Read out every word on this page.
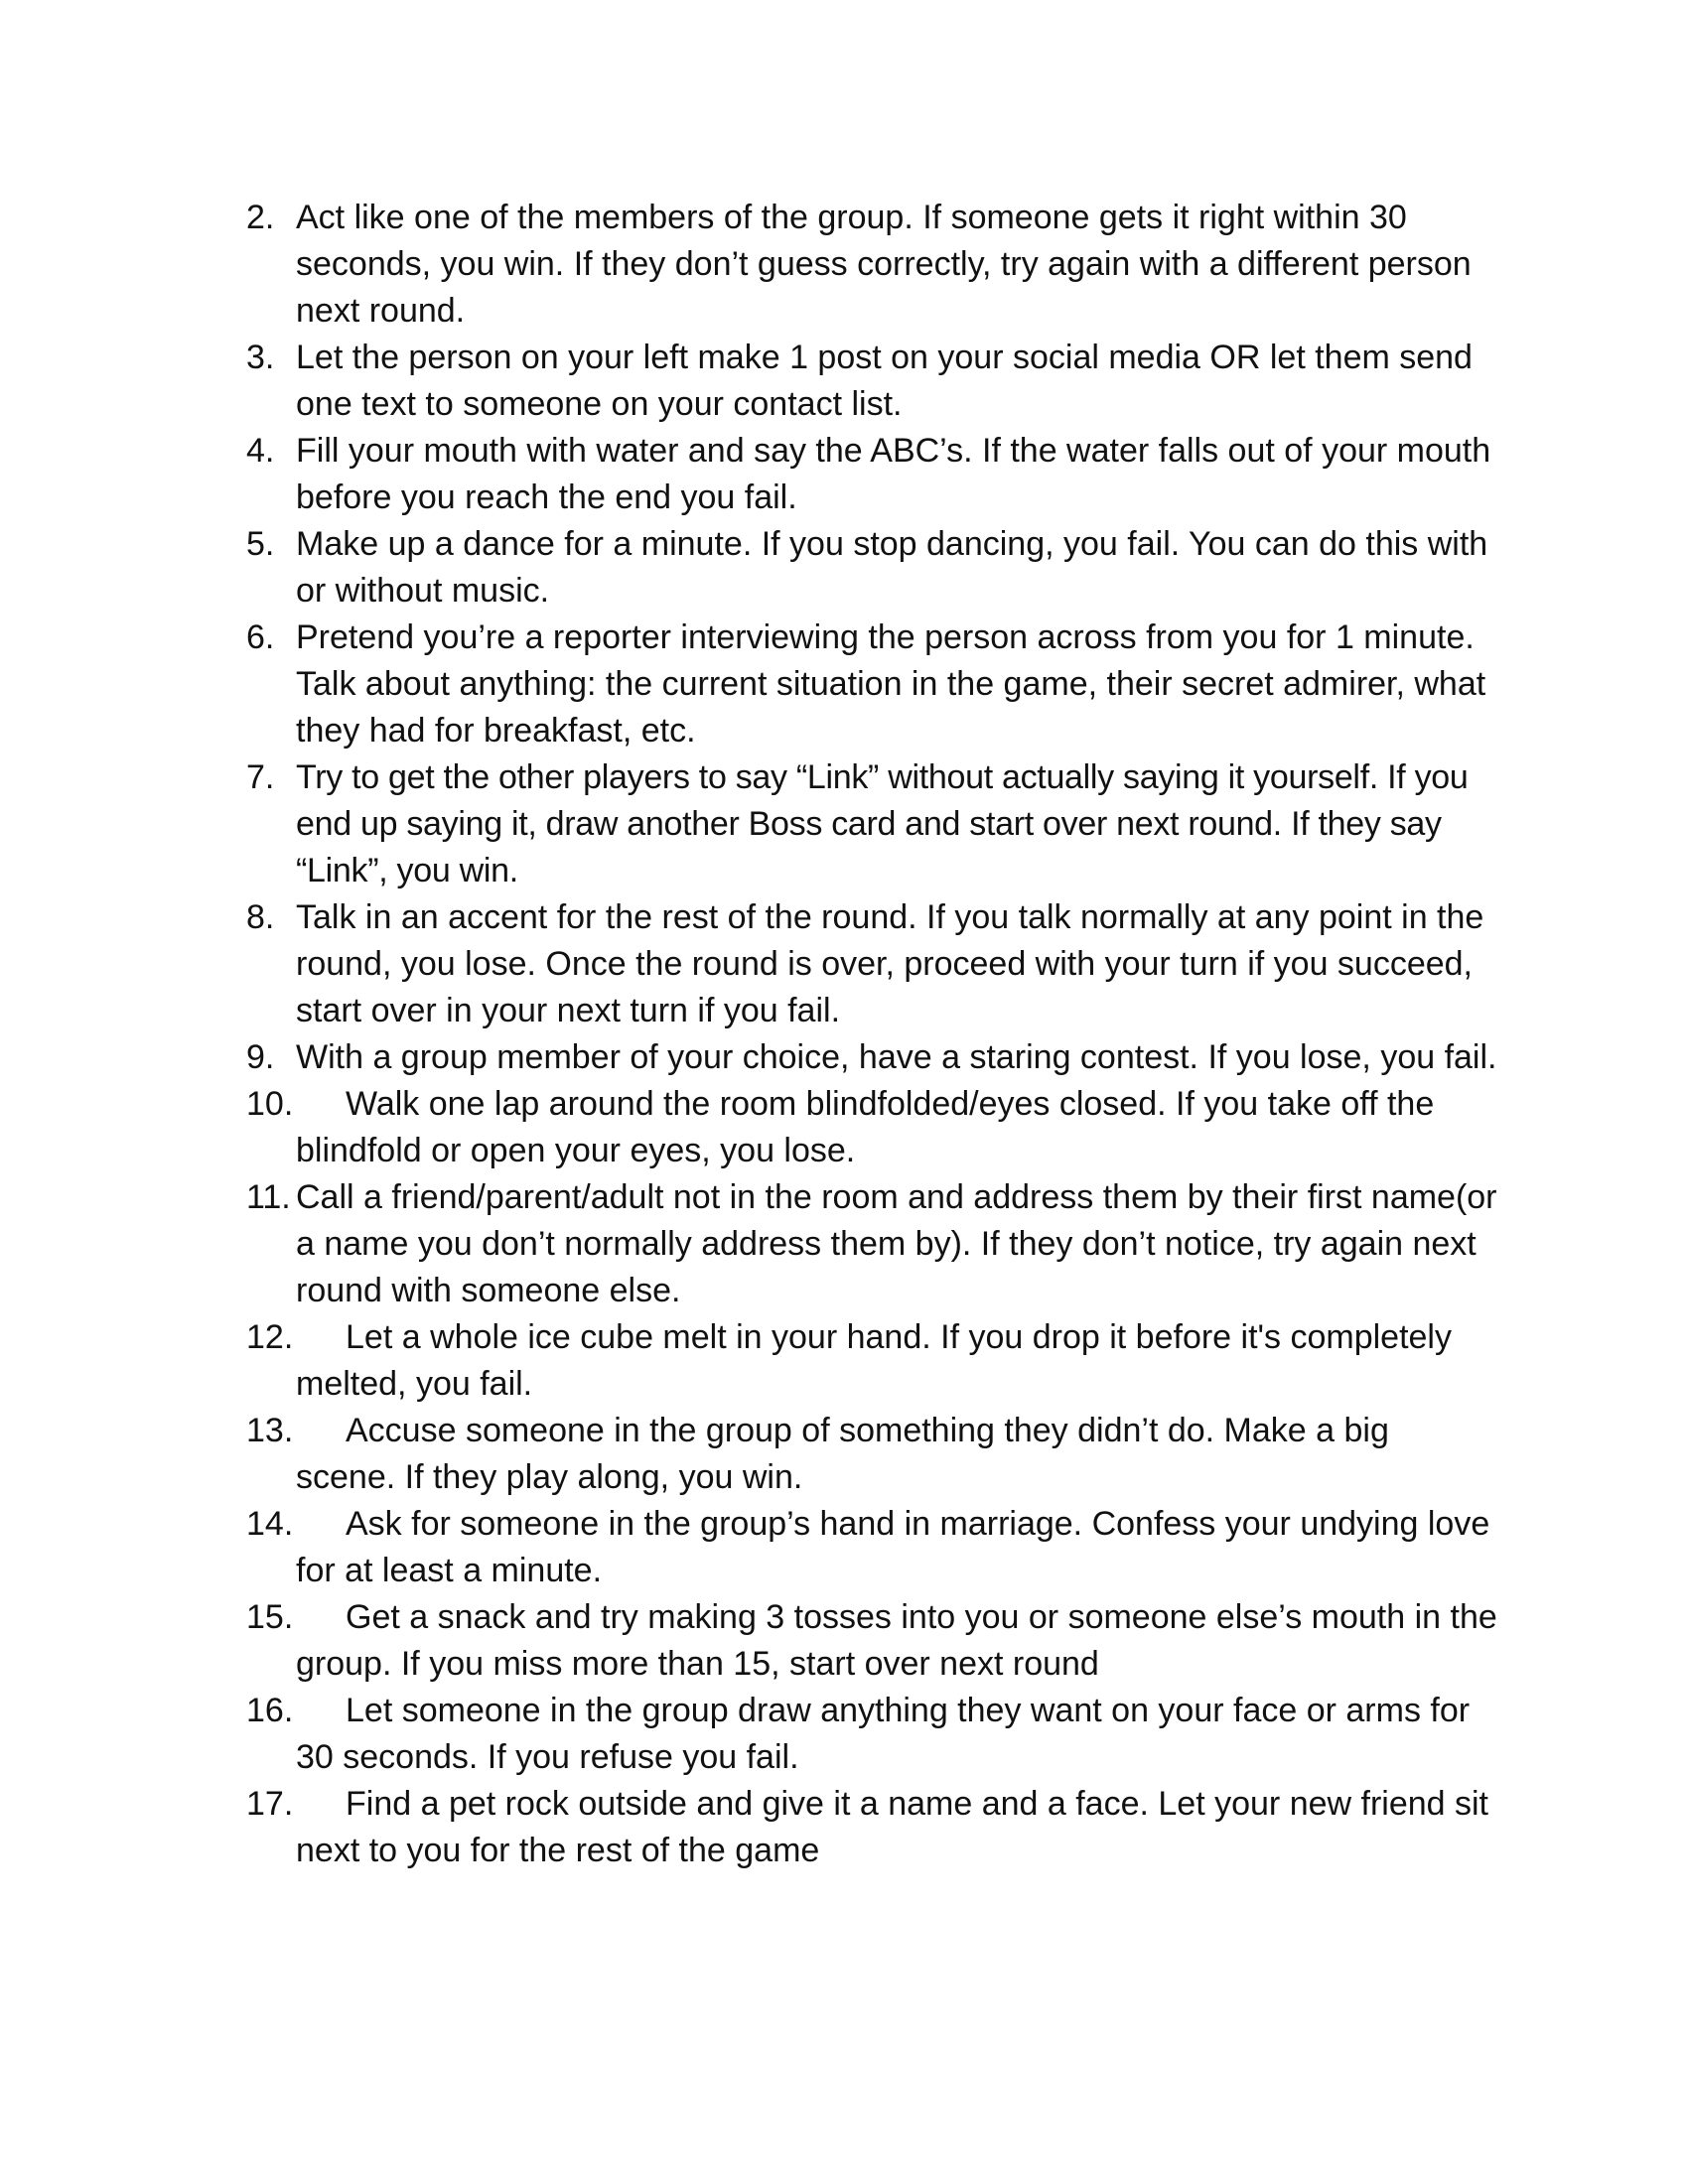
2. Act like one of the members of the group. If someone gets it right within 30 seconds, you win. If they don’t guess correctly, try again with a different person next round.
3. Let the person on your left make 1 post on your social media OR let them send one text to someone on your contact list.
4. Fill your mouth with water and say the ABC’s. If the water falls out of your mouth before you reach the end you fail.
5. Make up a dance for a minute. If you stop dancing, you fail. You can do this with or without music.
6. Pretend you’re a reporter interviewing the person across from you for 1 minute. Talk about anything: the current situation in the game, their secret admirer, what they had for breakfast, etc.
7. Try to get the other players to say “Link” without actually saying it yourself. If you end up saying it, draw another Boss card and start over next round. If they say “Link”, you win.
8. Talk in an accent for the rest of the round. If you talk normally at any point in the round, you lose. Once the round is over, proceed with your turn if you succeed, start over in your next turn if you fail.
9. With a group member of your choice, have a staring contest. If you lose, you fail.
10.	Walk one lap around the room blindfolded/eyes closed. If you take off the blindfold or open your eyes, you lose.
11. Call a friend/parent/adult not in the room and address them by their first name(or a name you don’t normally address them by). If they don’t notice, try again next round with someone else.
12.	Let a whole ice cube melt in your hand. If you drop it before it's completely melted, you fail.
13.	Accuse someone in the group of something they didn’t do. Make a big scene. If they play along, you win.
14.	Ask for someone in the group’s hand in marriage. Confess your undying love for at least a minute.
15.	Get a snack and try making 3 tosses into you or someone else’s mouth in the group. If you miss more than 15, start over next round
16.	Let someone in the group draw anything they want on your face or arms for 30 seconds. If you refuse you fail.
17.	Find a pet rock outside and give it a name and a face. Let your new friend sit next to you for the rest of the game
